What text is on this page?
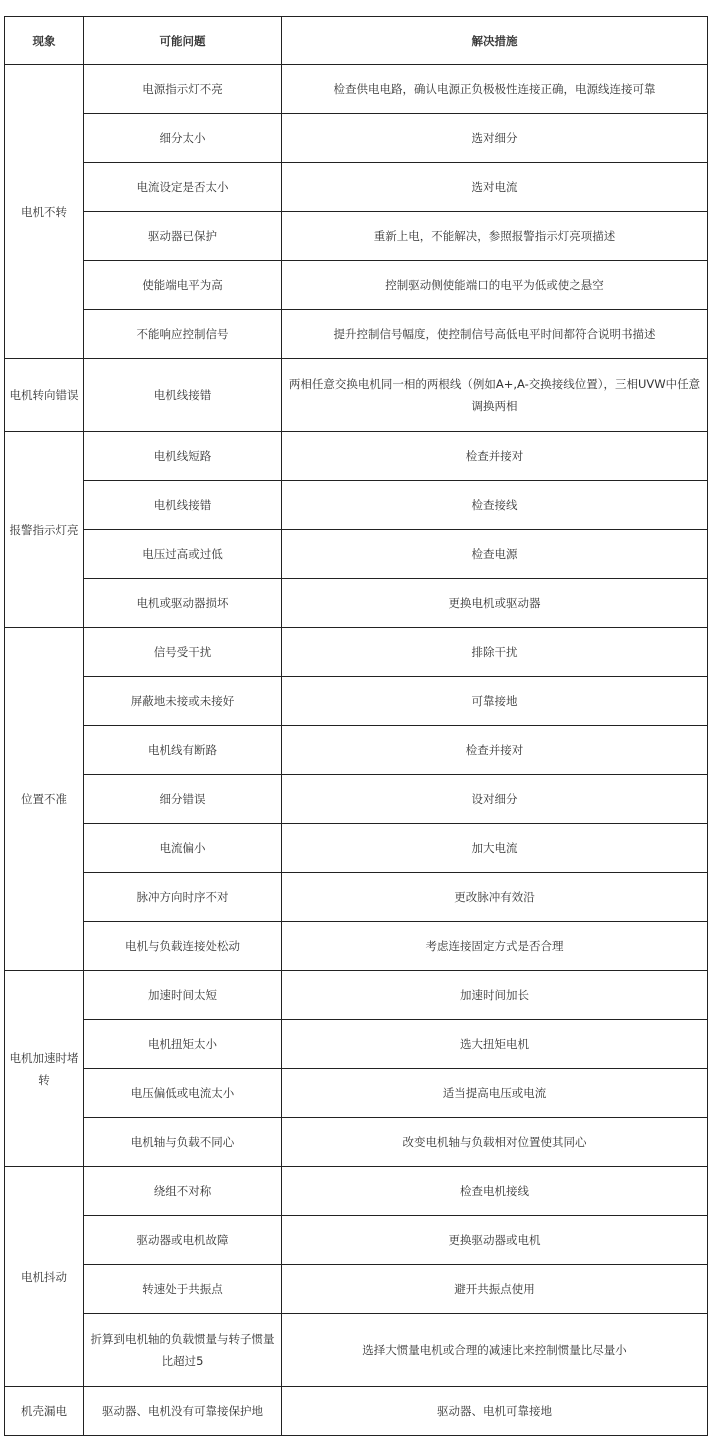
现象	可能问题	解决措施
电机不转	电源指示灯不亮	检查供电电路，确认电源正负极极性连接正确，电源线连接可靠
	细分太小	选对细分
	电流设定是否太小	选对电流
	驱动器已保护	重新上电，不能解决，参照报警指示灯亮项描述
	使能端电平为高	控制驱动侧使能端口的电平为低或使之悬空
	不能响应控制信号	提升控制信号幅度，使控制信号高低电平时间都符合说明书描述
电机转向错误	电机线接错	两相任意交换电机同一相的两根线（例如A+,A-交换接线位置），三相UVW中任意调换两相
报警指示灯亮	电机线短路	检查并接对
	电机线接错	检查接线
	电压过高或过低	检查电源
	电机或驱动器损坏	更换电机或驱动器
位置不准	信号受干扰	排除干扰
	屏蔽地未接或未接好	可靠接地
	电机线有断路	检查并接对
	细分错误	设对细分
	电流偏小	加大电流
	脉冲方向时序不对	更改脉冲有效沿
	电机与负载连接处松动	考虑连接固定方式是否合理
电机加速时堵转	加速时间太短	加速时间加长
	电机扭矩太小	选大扭矩电机
	电压偏低或电流太小	适当提高电压或电流
	电机轴与负载不同心	改变电机轴与负载相对位置使其同心
电机抖动	绕组不对称	检查电机接线
	驱动器或电机故障	更换驱动器或电机
	转速处于共振点	避开共振点使用
	折算到电机轴的负载惯量与转子惯量比超过5	选择大惯量电机或合理的减速比来控制惯量比尽量小
机壳漏电	驱动器、电机没有可靠接保护地	驱动器、电机可靠接地
